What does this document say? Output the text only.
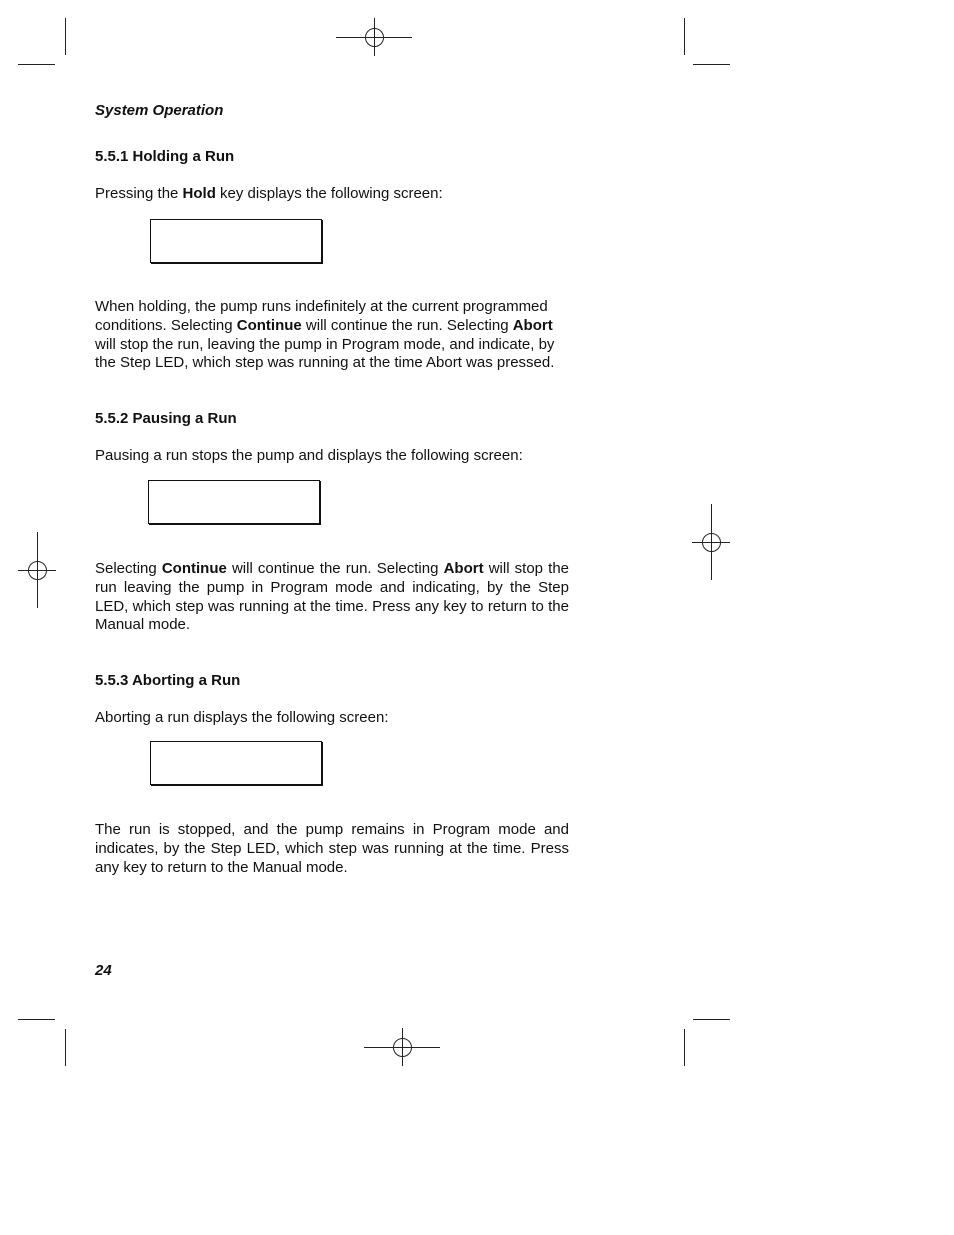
System Operation
5.5.1 Holding a Run

Pressing the Hold key displays the following screen:

When holding, the pump runs indefinitely at the current programmed conditions. Selecting Continue will continue the run. Selecting Abort will stop the run, leaving the pump in Program mode, and indicate, by the Step LED, which step was running at the time Abort was pressed.

5.5.2 Pausing a Run

Pausing a run stops the pump and displays the following screen:

Selecting Continue will continue the run. Selecting Abort will stop the run leaving the pump in Program mode and indicating, by the Step LED, which step was running at the time. Press any key to return to the Manual mode.

5.5.3 Aborting a Run

Aborting a run displays the following screen:

The run is stopped, and the pump remains in Program mode and indicates, by the Step LED, which step was running at the time. Press any key to return to the Manual mode.

24
